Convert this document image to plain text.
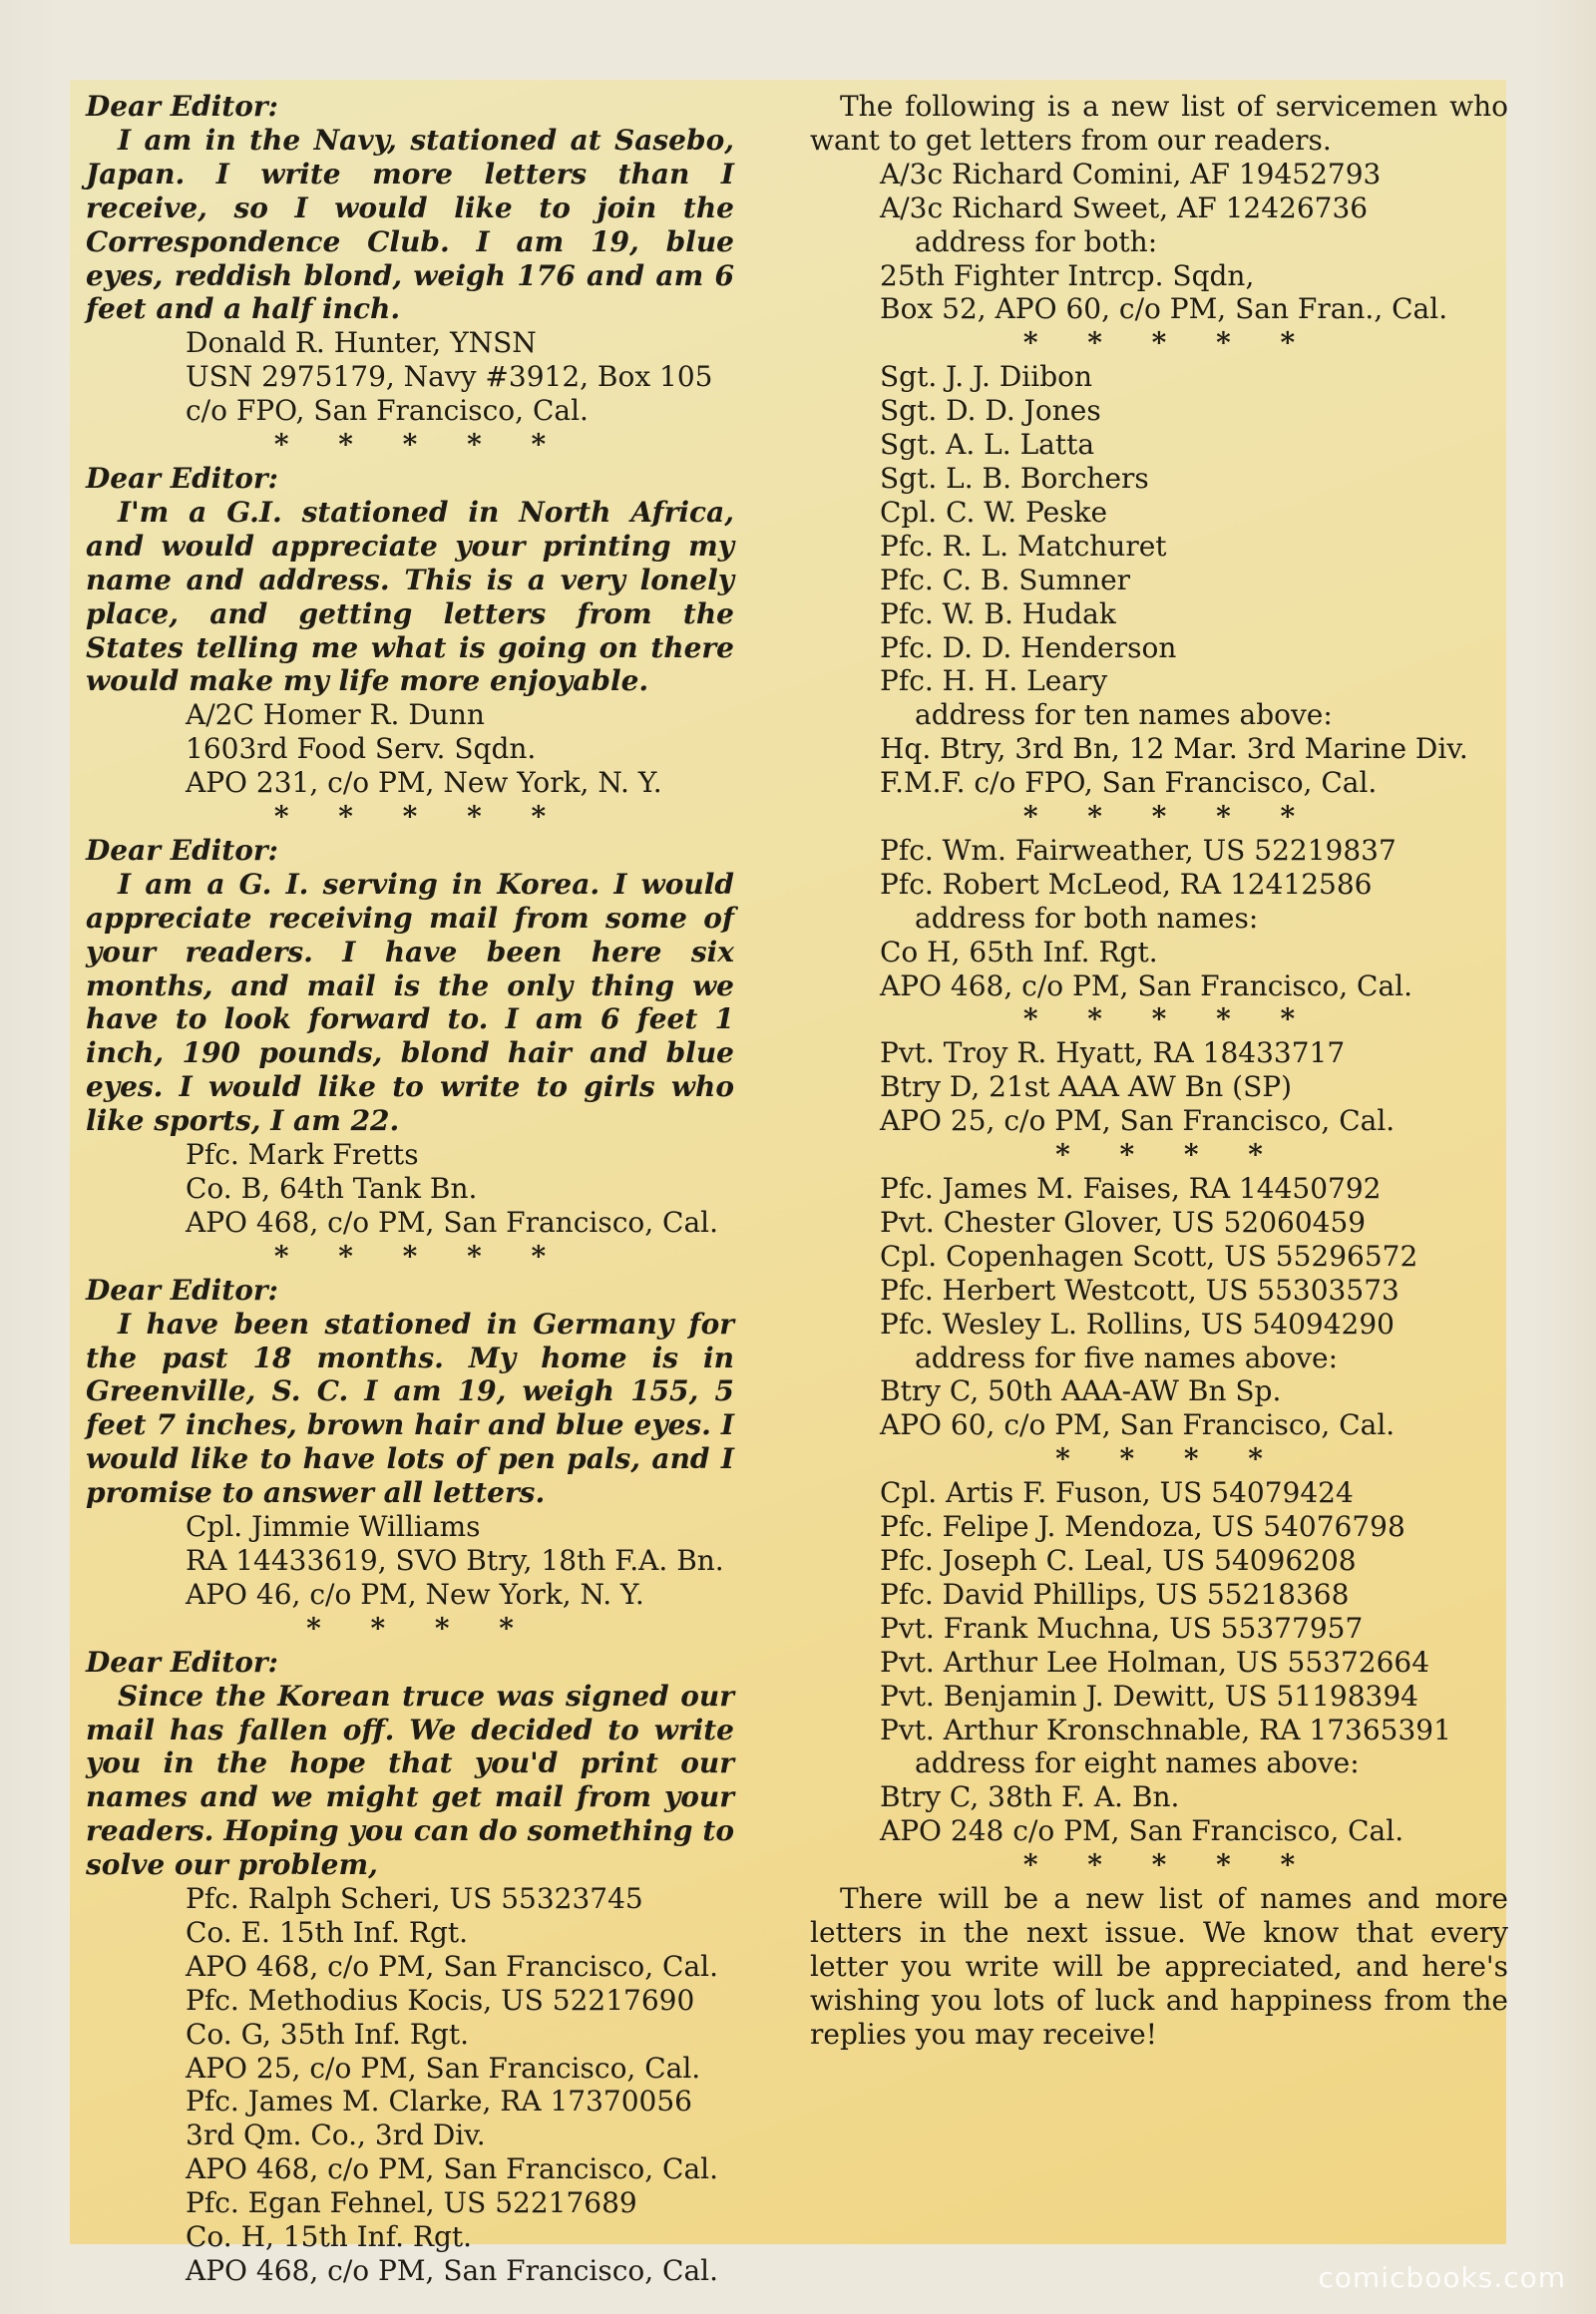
Dear Editor:

I am in the Navy, stationed at Sasebo, Japan. I write more letters than I receive, so I would like to join the Correspondence Club. I am 19, blue eyes, reddish blond, weigh 176 and am 6 feet and a half inch.

Donald R. Hunter, YNSN
USN 2975179, Navy #3912, Box 105
c/o FPO, San Francisco, Cal.

* * * * *

Dear Editor:

I'm a G.I. stationed in North Africa, and would appreciate your printing my name and address. This is a very lonely place, and getting letters from the States telling me what is going on there would make my life more enjoyable.

A/2C Homer R. Dunn
1603rd Food Serv. Sqdn.
APO 231, c/o PM, New York, N. Y.

* * * * *

Dear Editor:

I am a G. I. serving in Korea. I would appreciate receiving mail from some of your readers. I have been here six months, and mail is the only thing we have to look forward to. I am 6 feet 1 inch, 190 pounds, blond hair and blue eyes. I would like to write to girls who like sports, I am 22.

Pfc. Mark Fretts
Co. B, 64th Tank Bn.
APO 468, c/o PM, San Francisco, Cal.

* * * * *

Dear Editor:

I have been stationed in Germany for the past 18 months. My home is in Greenville, S. C. I am 19, weigh 155, 5 feet 7 inches, brown hair and blue eyes. I would like to have lots of pen pals, and I promise to answer all letters.

Cpl. Jimmie Williams
RA 14433619, SVO Btry, 18th F.A. Bn.
APO 46, c/o PM, New York, N. Y.

* * * *

Dear Editor:

Since the Korean truce was signed our mail has fallen off. We decided to write you in the hope that you'd print our names and we might get mail from your readers. Hoping you can do something to solve our problem,

Pfc. Ralph Scheri, US 55323745
Co. E. 15th Inf. Rgt.
APO 468, c/o PM, San Francisco, Cal.
Pfc. Methodius Kocis, US 52217690
Co. G, 35th Inf. Rgt.
APO 25, c/o PM, San Francisco, Cal.
Pfc. James M. Clarke, RA 17370056
3rd Qm. Co., 3rd Div.
APO 468, c/o PM, San Francisco, Cal.
Pfc. Egan Fehnel, US 52217689
Co. H, 15th Inf. Rgt.
APO 468, c/o PM, San Francisco, Cal.

The following is a new list of servicemen who want to get letters from our readers.

A/3c Richard Comini, AF 19452793
A/3c Richard Sweet, AF 12426736
address for both:
25th Fighter Intrcp. Sqdn,
Box 52, APO 60, c/o PM, San Fran., Cal.

* * * * *

Sgt. J. J. Diibon
Sgt. D. D. Jones
Sgt. A. L. Latta
Sgt. L. B. Borchers
Cpl. C. W. Peske
Pfc. R. L. Matchuret
Pfc. C. B. Sumner
Pfc. W. B. Hudak
Pfc. D. D. Henderson
Pfc. H. H. Leary
address for ten names above:
Hq. Btry, 3rd Bn, 12 Mar. 3rd Marine Div.
F.M.F. c/o FPO, San Francisco, Cal.

* * * * *

Pfc. Wm. Fairweather, US 52219837
Pfc. Robert McLeod, RA 12412586
address for both names:
Co H, 65th Inf. Rgt.
APO 468, c/o PM, San Francisco, Cal.

* * * * *

Pvt. Troy R. Hyatt, RA 18433717
Btry D, 21st AAA AW Bn (SP)
APO 25, c/o PM, San Francisco, Cal.

* * * *

Pfc. James M. Faises, RA 14450792
Pvt. Chester Glover, US 52060459
Cpl. Copenhagen Scott, US 55296572
Pfc. Herbert Westcott, US 55303573
Pfc. Wesley L. Rollins, US 54094290
address for five names above:
Btry C, 50th AAA-AW Bn Sp.
APO 60, c/o PM, San Francisco, Cal.

* * * *

Cpl. Artis F. Fuson, US 54079424
Pfc. Felipe J. Mendoza, US 54076798
Pfc. Joseph C. Leal, US 54096208
Pfc. David Phillips, US 55218368
Pvt. Frank Muchna, US 55377957
Pvt. Arthur Lee Holman, US 55372664
Pvt. Benjamin J. Dewitt, US 51198394
Pvt. Arthur Kronschnable, RA 17365391
address for eight names above:
Btry C, 38th F. A. Bn.
APO 248 c/o PM, San Francisco, Cal.

* * * * *

There will be a new list of names and more letters in the next issue. We know that every letter you write will be appreciated, and here's wishing you lots of luck and happiness from the replies you may receive!

comicbooks.com
